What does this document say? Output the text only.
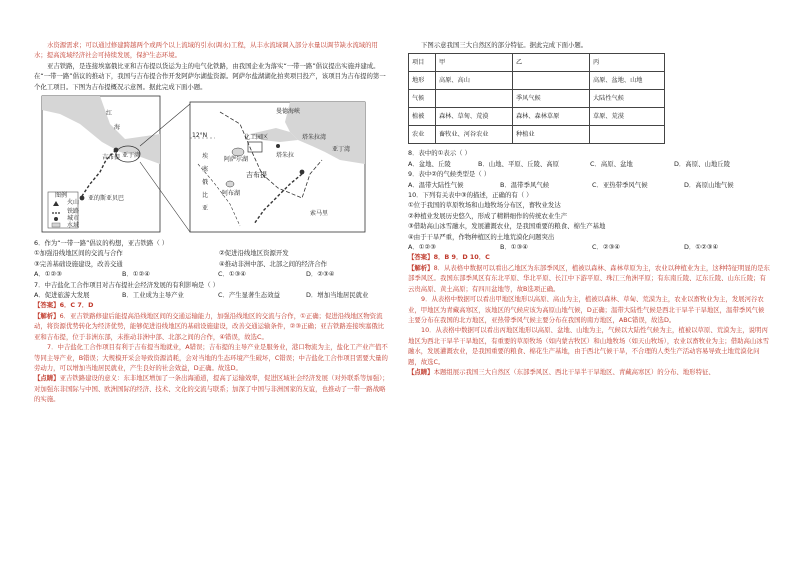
水资源需求；可以通过修建跨越两个或两个以上流域的引水(调水)工程，从丰水流域调入部分水量以调节缺水流域的用水；提高流域经济社会可持续发展，保护生态环境。

亚吉铁路，是连接埃塞俄比亚和吉布提以货运为主的电气化铁路，由我国企业为落实“一带一路”倡议提出实施并建成。在“一带一路”倡议的推动下，我国与吉布提合作开发阿萨尔湖盐资源。阿萨尔盐湖湖化拍卖项目投产，该项目为吉布提的第一个化工项目。下图为吉布提概况示意图。据此完成下面小题。

红
海
吉布提 亚丁湾
亚的斯亚贝巴
图例
火山
铁路
城市
水域
曼德海峡
12°N	塔朱拉湾
化工园区
阿萨尔湖
埃塞俄比亚
吉布提
阿布湖
塔朱拉
索马里
亚丁湾

6．作为“一带一路”倡议的构想，亚吉铁路（ ）

①加强沿线地区间的交流与合作	②促进沿线地区资源开发
③完善基础设施建设，改善交通	④推动非洲中部、北部之间的经济合作
A．①②③	B．①②④	C．①③④	D．②③④

7．中吉盐化工合作项目对吉布提社会经济发展的有利影响是（ ）

A．促进旅游大发展	B．工业成为主导产业	C．产生显著生态效益	D．增加当地居民就业

【答案】6．C 7．D

【解析】6．亚吉铁路修建后能提高沿线地区间的交通运输能力，加强沿线地区的交流与合作，①正确；促进沿线地区物资流动，将资源优势转化为经济优势，能够促进沿线地区的基础设施建设，改善交通运输条件，②③正确；亚吉铁路连接埃塞俄比亚和吉布提，位于非洲东部，未推动非洲中部、北部之间的合作，④错误，故选C。

7．中吉盐化工合作项目有利于吉布提当地就业，A错误；吉布提的主导产业是服务业，港口物流为主，盐化工产业产值不等同主导产业，B错误；大规模开采会导致资源消耗，会对当地的生态环境产生破坏，C错误；中吉盐化工合作项目需要大量的劳动力，可以增加当地居民就业，产生良好的社会效益，D正确。故选D。

【点睛】亚吉铁路建设的意义：东非地区增加了一条出海通道，提高了运输效率，促进区域社会经济发展（对外联系等加强）；对加强东非国际与中国、欧洲国际的经济、技术、文化的交流与联系；加深了中国与非洲国家的友谊，也推动了一带一路战略的实施。

下图示意我国三大自然区的部分特征。据此完成下面小题。

项目	甲	乙	丙
地形	高原、高山		高原、盆地、山地
气候		季风气候	大陆性气候
植被	森林、草甸、荒漠	森林、森林草原	草原、荒漠
农业	畜牧业、河谷农业	种植业	

8．表中的①表示（ ）

A．盆地、丘陵	B．山地、平原、丘陵、高原	C．高原、盆地	D．高原、山地丘陵

9．表中②的气候类型是（ ）

A．温带大陆性气候	B．温带季风气候	C．亚热带季风气候	D．高原山地气候

10．下列有关表中③的描述，正确的有（ ）

①位于我国的草原牧场和山地牧场分布区，畜牧业发达

②种植业发展历史悠久，形成了精耕细作的传统农业生产

③借助高山冰雪融水，发展灌溉农业，是我国重要的粮食、棉生产基地

④由于干旱严重，作物种植区的土地荒漠化问题突出

A．①②③	B．①③④	C．②③④	D．①②③④

【答案】8．B 9．D 10．C

【解析】8．从表格中数据可以看出乙地区为东部季风区，植被以森林、森林草原为主，农业以种植业为主，这种特征明显的是东部季风区。我国东部季风区有东北平原、华北平原、长江中下游平原、珠江三角洲平原；有东南丘陵、辽东丘陵、山东丘陵；有云贵高原、黄土高原；有四川盆地等，故B选项正确。

9．从表格中数据可以看出甲地区地形以高原、高山为主，植被以森林、草甸、荒漠为主，农业以畜牧业为主，发展河谷农业，甲地区为青藏高寒区，该地区的气候应该为高原山地气候，D正确；温带大陆性气候是西北干旱半干旱地区，温带季风气候主要分布在我国的北方地区，亚热带季风气候主要分布在我国的南方地区，ABC错误，故选D。

10．从表格中数据可以看出丙地区地形以高原、盆地、山地为主，气候以大陆性气候为主，植被以草原、荒漠为主，说明丙地区为西北干旱半干旱地区，有重要的草原牧场（如内蒙古牧区）和山地牧场（如天山牧场），农业以畜牧业为主；借助高山冰雪融水，发展灌溉农业，是我国重要的粮食、棉花生产基地，由于西北气候干旱，不合理的人类生产活动容易导致土地荒漠化问题，故选C。

【点睛】本题组展示我国三大自然区（东部季风区、西北干旱半干旱地区、青藏高寒区）的分布、地形特征、
